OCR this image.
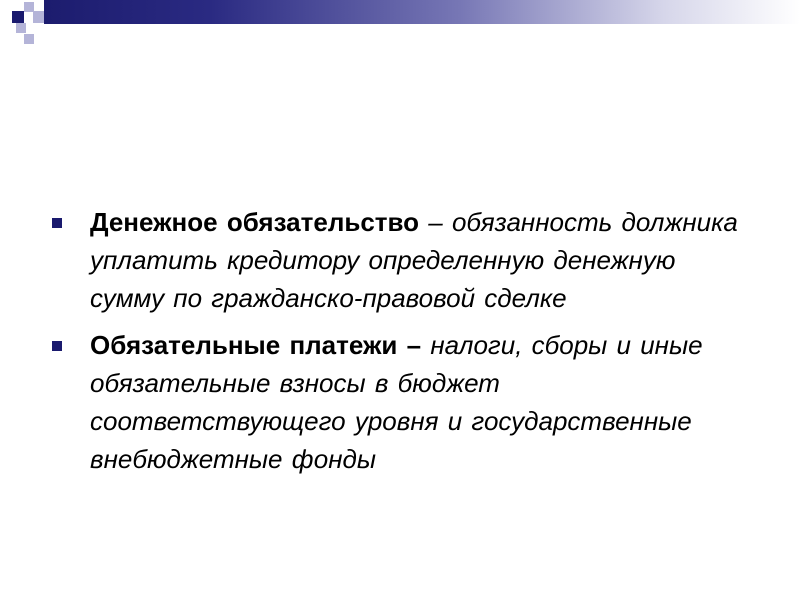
Денежное обязательство – обязанность должника уплатить кредитору определенную денежную сумму по гражданско-правовой сделке
Обязательные платежи – налоги, сборы и иные обязательные взносы в бюджет соответствующего уровня и государственные внебюджетные фонды
